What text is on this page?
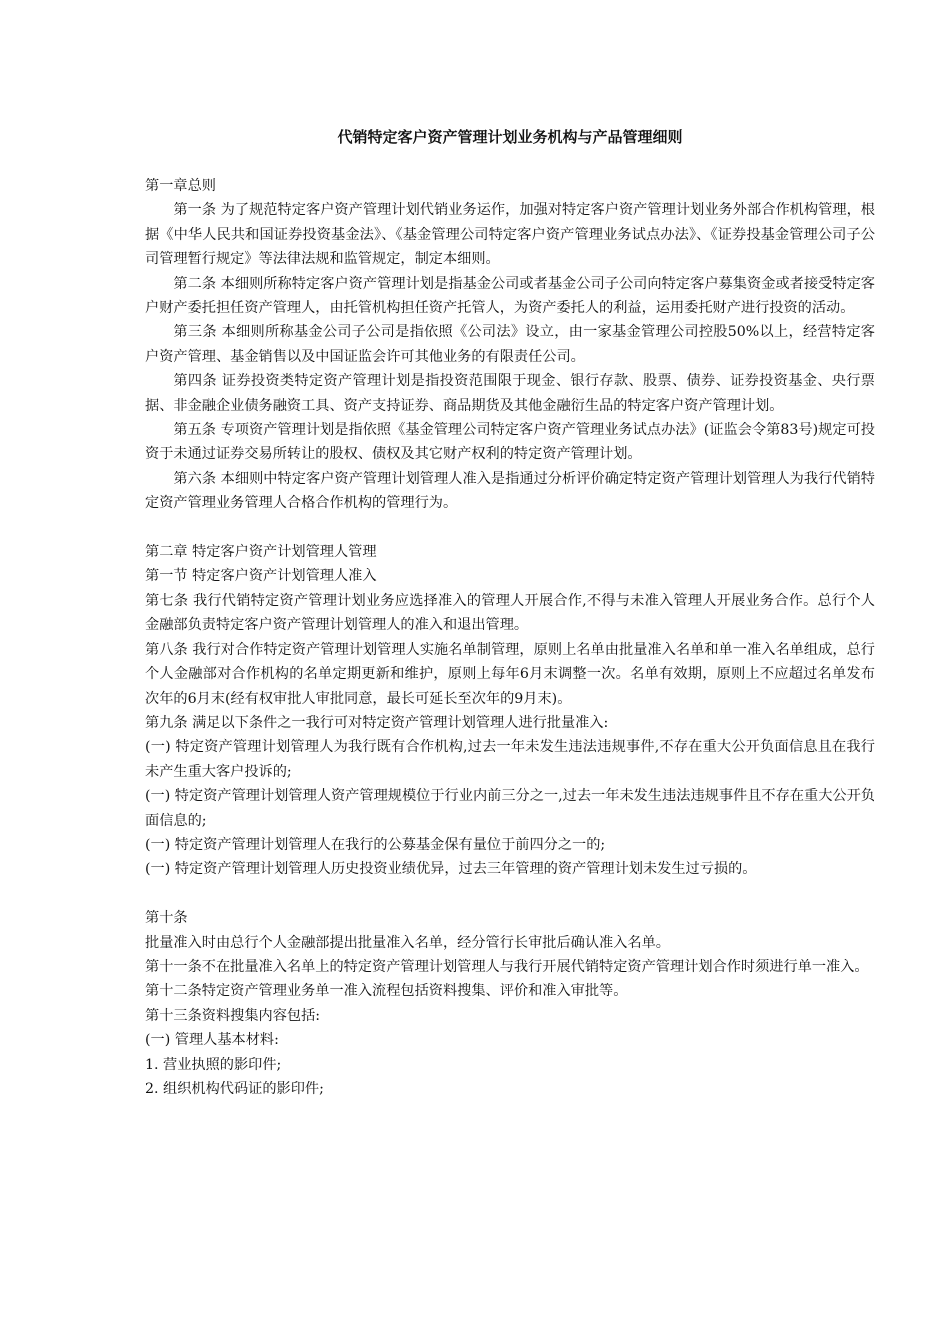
代销特定客户资产管理计划业务机构与产品管理细则

第一章总则

第一条 为了规范特定客户资产管理计划代销业务运作，加强对特定客户资产管理计划业务外部合作机构管理，根据《中华人民共和国证券投资基金法》、《基金管理公司特定客户资产管理业务试点办法》、《证券投基金管理公司子公司管理暂行规定》等法律法规和监管规定，制定本细则。

第二条 本细则所称特定客户资产管理计划是指基金公司或者基金公司子公司向特定客户募集资金或者接受特定客户财产委托担任资产管理人，由托管机构担任资产托管人，为资产委托人的利益，运用委托财产进行投资的活动。

第三条 本细则所称基金公司子公司是指依照《公司法》设立，由一家基金管理公司控股50%以上，经营特定客户资产管理、基金销售以及中国证监会许可其他业务的有限责任公司。

第四条 证券投资类特定资产管理计划是指投资范围限于现金、银行存款、股票、债券、证券投资基金、央行票据、非金融企业债务融资工具、资产支持证券、商品期货及其他金融衍生品的特定客户资产管理计划。

第五条 专项资产管理计划是指依照《基金管理公司特定客户资产管理业务试点办法》(证监会令第83号)规定可投资于未通过证券交易所转让的股权、债权及其它财产权利的特定资产管理计划。

第六条 本细则中特定客户资产管理计划管理人准入是指通过分析评价确定特定资产管理计划管理人为我行代销特定资产管理业务管理人合格合作机构的管理行为。

第二章 特定客户资产计划管理人管理

第一节 特定客户资产计划管理人准入

第七条 我行代销特定资产管理计划业务应选择准入的管理人开展合作,不得与未准入管理人开展业务合作。总行个人金融部负责特定客户资产管理计划管理人的准入和退出管理。

第八条 我行对合作特定资产管理计划管理人实施名单制管理，原则上名单由批量准入名单和单一准入名单组成，总行个人金融部对合作机构的名单定期更新和维护，原则上每年6月末调整一次。名单有效期，原则上不应超过名单发布次年的6月末(经有权审批人审批同意，最长可延长至次年的9月末)。

第九条 满足以下条件之一我行可对特定资产管理计划管理人进行批量准入:

(一) 特定资产管理计划管理人为我行既有合作机构,过去一年未发生违法违规事件,不存在重大公开负面信息且在我行未产生重大客户投诉的;

(一) 特定资产管理计划管理人资产管理规模位于行业内前三分之一,过去一年未发生违法违规事件且不存在重大公开负面信息的;

(一) 特定资产管理计划管理人在我行的公募基金保有量位于前四分之一的;

(一) 特定资产管理计划管理人历史投资业绩优异，过去三年管理的资产管理计划未发生过亏损的。

第十条

批量准入时由总行个人金融部提出批量准入名单，经分管行长审批后确认准入名单。

第十一条不在批量准入名单上的特定资产管理计划管理人与我行开展代销特定资产管理计划合作时须进行单一准入。

第十二条特定资产管理业务单一准入流程包括资料搜集、评价和准入审批等。

第十三条资料搜集内容包括:

(一) 管理人基本材料:

1. 营业执照的影印件;

2. 组织机构代码证的影印件;
